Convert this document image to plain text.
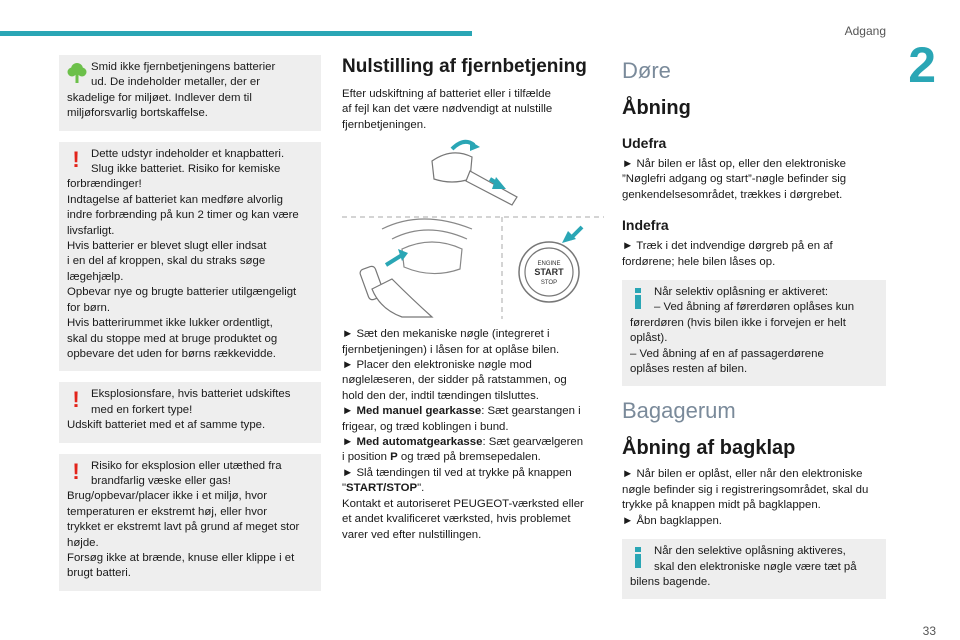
Adgang
2
Smid ikke fjernbetjeningens batterier
ud. De indeholder metaller, der er
skadelige for miljøet. Indlever dem til
miljøforsvarlig bortskaffelse.
! Dette udstyr indeholder et knapbatteri.
Slug ikke batteriet. Risiko for kemiske
forbrændinger!
Indtagelse af batteriet kan medføre alvorlig
indre forbrænding på kun 2 timer og kan være
livsfarligt.
Hvis batterier er blevet slugt eller indsat
i en del af kroppen, skal du straks søge
lægehjælp.
Opbevar nye og brugte batterier utilgængeligt
for børn.
Hvis batterirummet ikke lukker ordentligt,
skal du stoppe med at bruge produktet og
opbevare det uden for børns rækkevidde.
! Eksplosionsfare, hvis batteriet udskiftes
med en forkert type!
Udskift batteriet med et af samme type.
! Risiko for eksplosion eller utæthed fra
brandfarlig væske eller gas!
Brug/opbevar/placer ikke i et miljø, hvor
temperaturen er ekstremt høj, eller hvor
trykket er ekstremt lavt på grund af meget stor
højde.
Forsøg ikke at brænde, knuse eller klippe i et
brugt batteri.
Nulstilling af fjernbetjening
Efter udskiftning af batteriet eller i tilfælde
af fejl kan det være nødvendigt at nulstille
fjernbetjeningen.
ENGINE
START
STOP
► Sæt den mekaniske nøgle (integreret i
fjernbetjeningen) i låsen for at oplåse bilen.
► Placer den elektroniske nøgle mod
nøglelæseren, der sidder på ratstammen, og
hold den der, indtil tændingen tilsluttes.
► Med manuel gearkasse: Sæt gearstangen i
frigear, og træd koblingen i bund.
► Med automatgearkasse: Sæt gearvælgeren
i position P og træd på bremsepedalen.
► Slå tændingen til ved at trykke på knappen
"START/STOP".
Kontakt et autoriseret PEUGEOT-værksted eller
et andet kvalificeret værksted, hvis problemet
varer ved efter nulstillingen.
Døre
Åbning
Udefra
► Når bilen er låst op, eller den elektroniske
”Nøglefri adgang og start”-nøgle befinder sig
genkendelsesområdet, trækkes i dørgrebet.
Indefra
► Træk i det indvendige dørgreb på en af
fordørene; hele bilen låses op.
Når selektiv oplåsning er aktiveret:
– Ved åbning af førerdøren oplåses kun
førerdøren (hvis bilen ikke i forvejen er helt
oplåst).
– Ved åbning af en af passagerdørene
oplåses resten af bilen.
Bagagerum
Åbning af bagklap
► Når bilen er oplåst, eller når den elektroniske
nøgle befinder sig i registreringsområdet, skal du
trykke på knappen midt på bagklappen.
► Åbn bagklappen.
Når den selektive oplåsning aktiveres,
skal den elektroniske nøgle være tæt på
bilens bagende.
33
